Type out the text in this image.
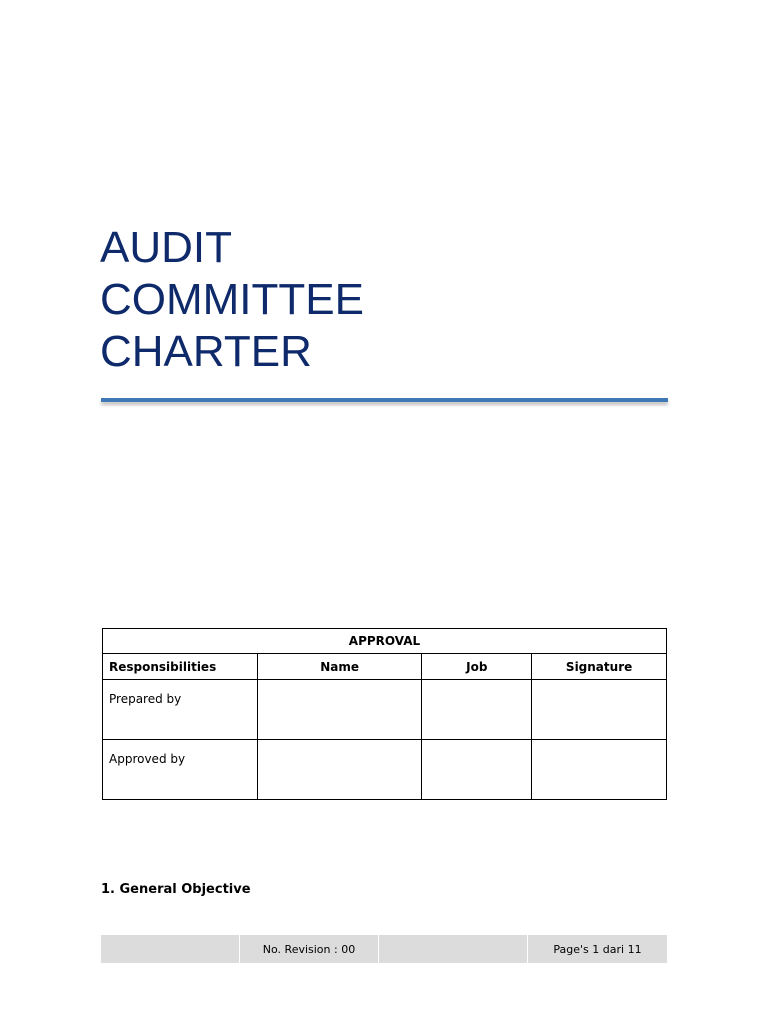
AUDIT
COMMITTEE
CHARTER
APPROVAL			
Responsibilities	Name	Job	Signature
Prepared by			
Approved by			
1. General Objective
No. Revision : 00	Page's 1 dari 11
